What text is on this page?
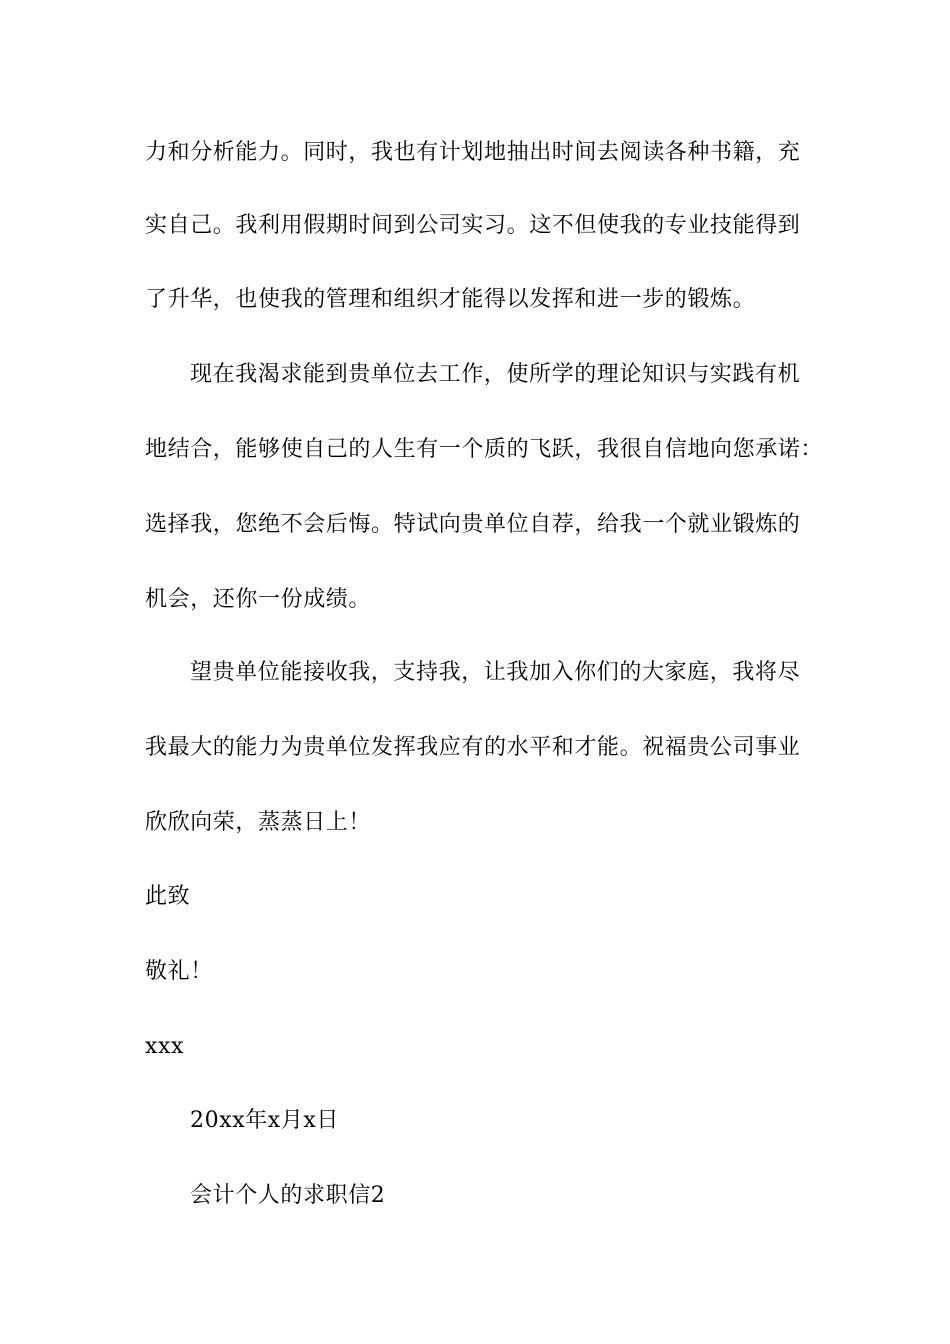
力和分析能力。同时，我也有计划地抽出时间去阅读各种书籍，充
实自己。我利用假期时间到公司实习。这不但使我的专业技能得到
了升华，也使我的管理和组织才能得以发挥和进一步的锻炼。
现在我渴求能到贵单位去工作，使所学的理论知识与实践有机
地结合，能够使自己的人生有一个质的飞跃，我很自信地向您承诺：
选择我，您绝不会后悔。特试向贵单位自荐，给我一个就业锻炼的
机会，还你一份成绩。
望贵单位能接收我，支持我，让我加入你们的大家庭，我将尽
我最大的能力为贵单位发挥我应有的水平和才能。祝福贵公司事业
欣欣向荣，蒸蒸日上！
此致
敬礼！
xxx
20xx年x月x日
会计个人的求职信2
